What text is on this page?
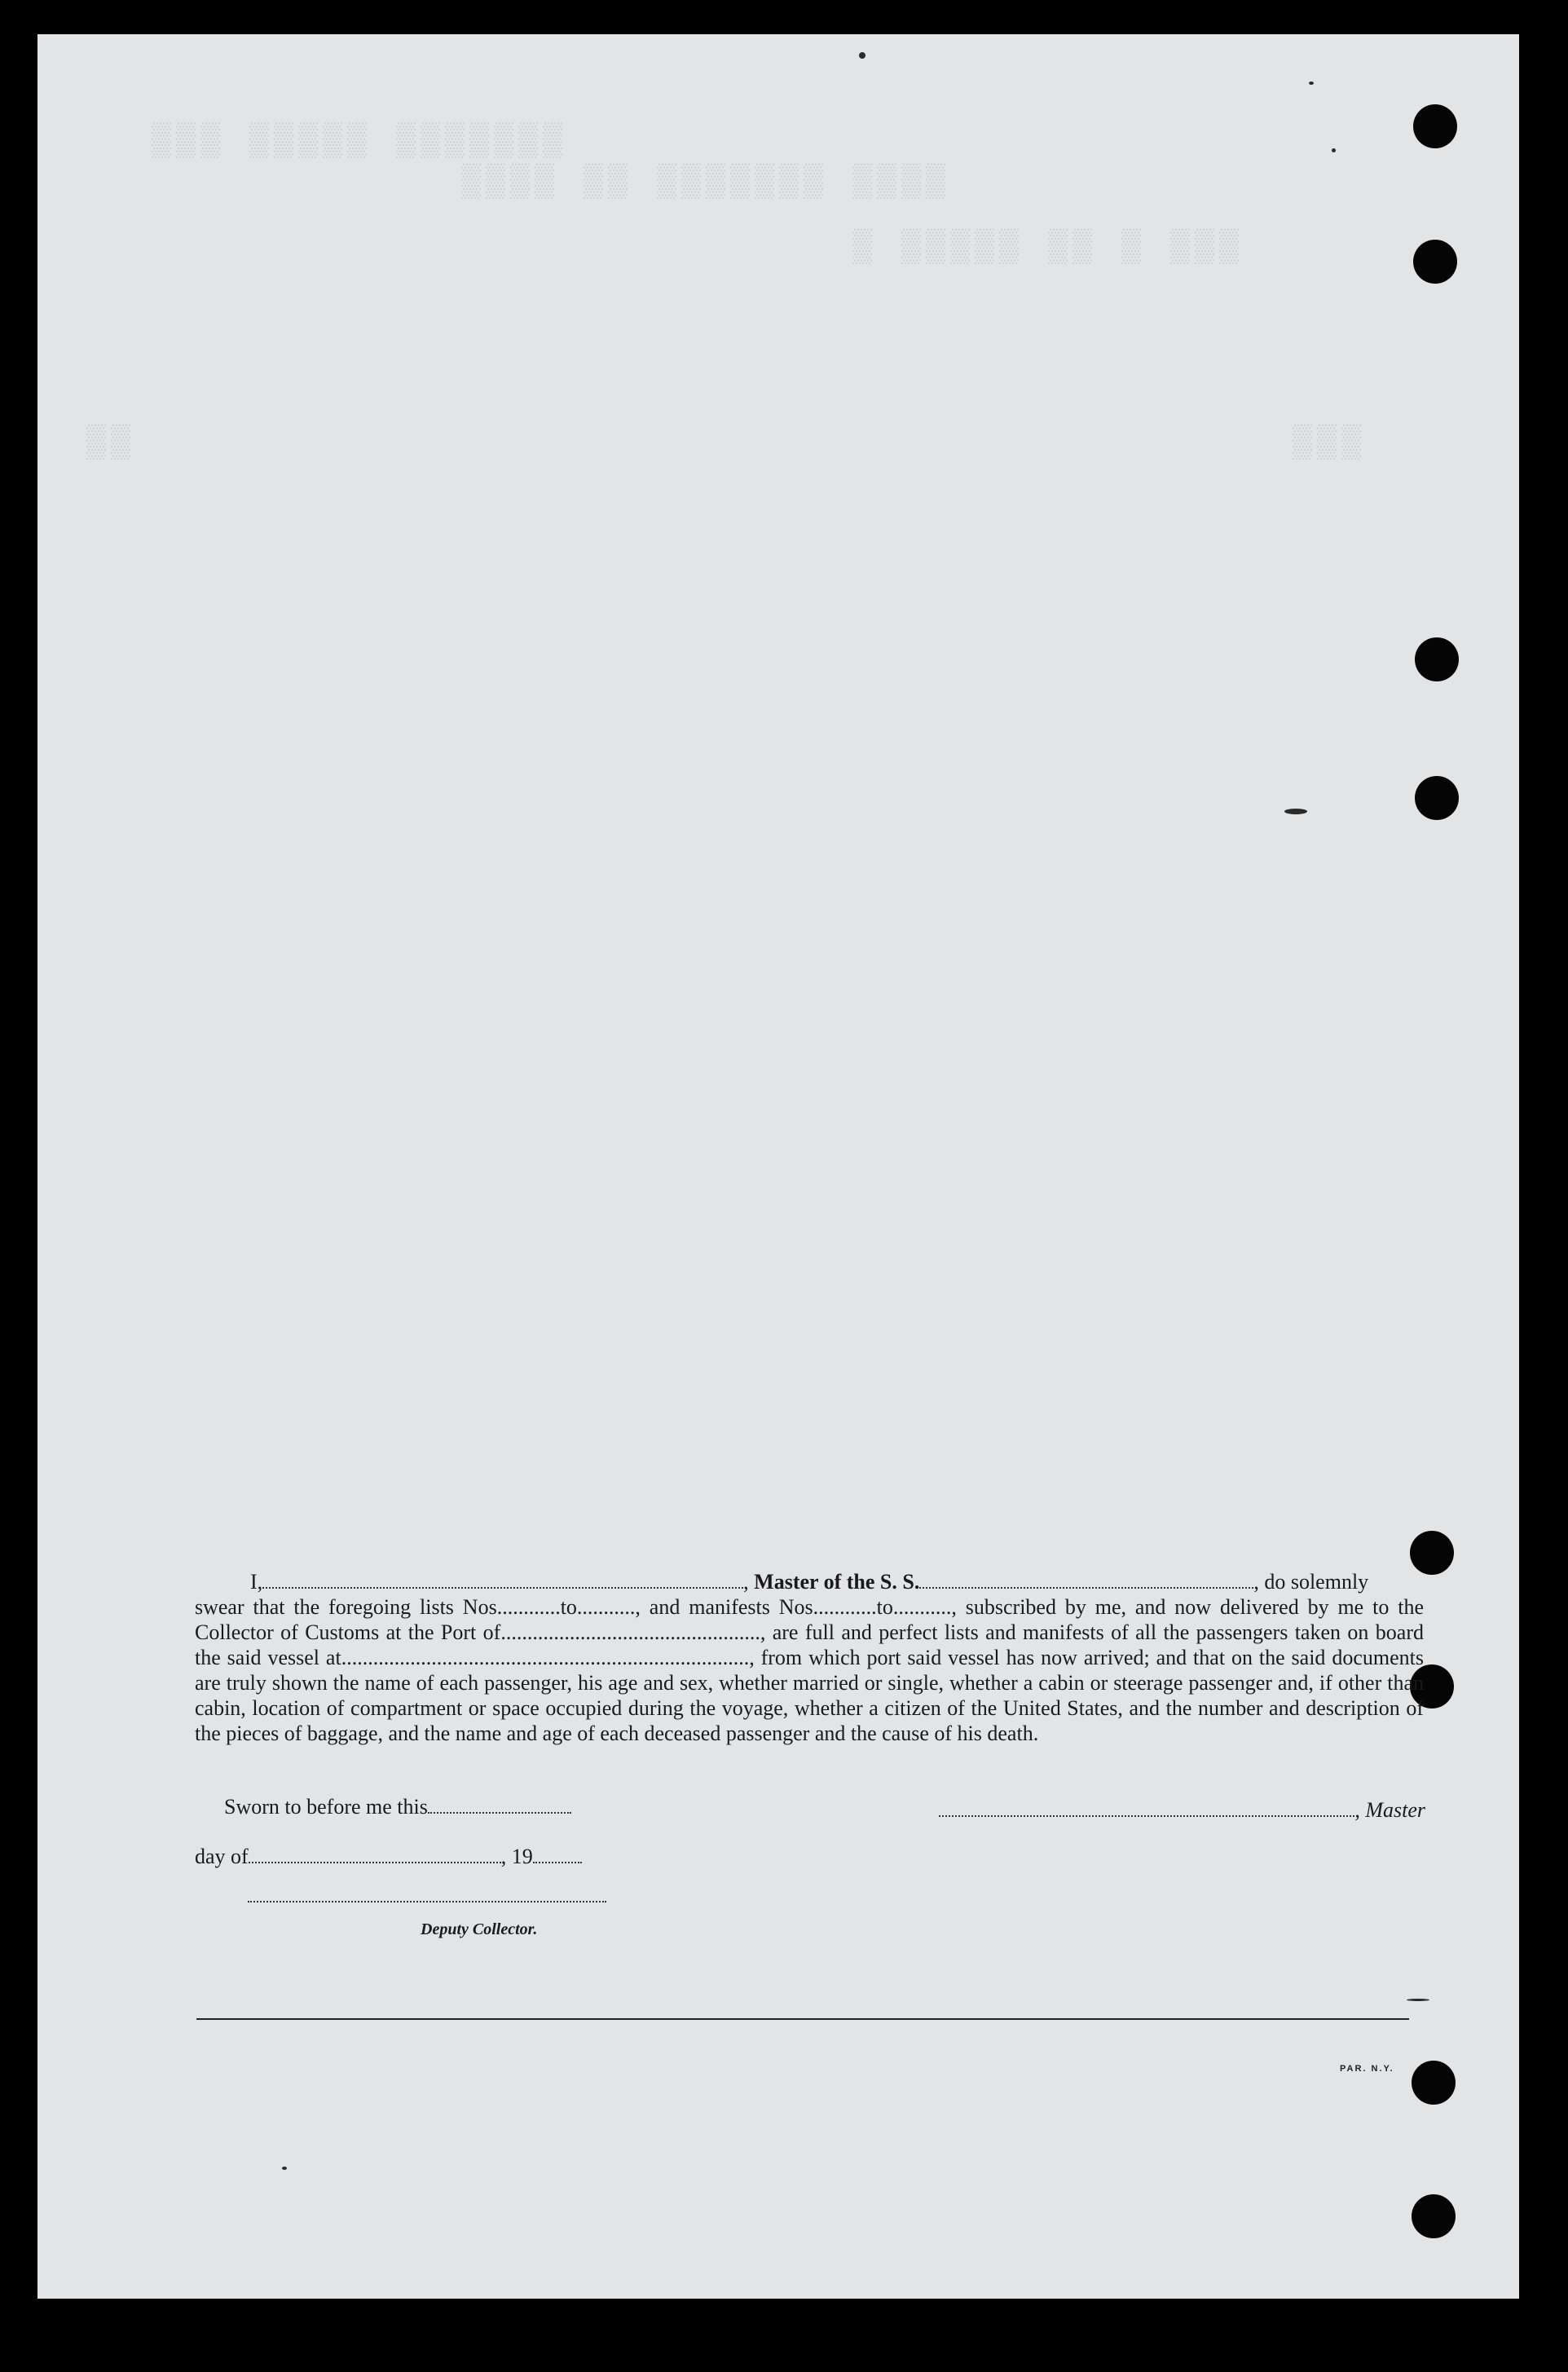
▒▒▒ ▒▒▒▒▒ ▒▒▒▒▒▒▒
▒▒▒▒ ▒▒ ▒▒▒▒▒▒▒ ▒▒▒▒
▒ ▒▒▒▒▒ ▒▒ ▒ ▒▒▒
▒▒	▒▒▒

I,	, Master of the S. S.	, do solemnly

swear that the foregoing lists Nos............to..........., and manifests Nos............to..........., subscribed by me, and now delivered by me to the Collector of Customs at the Port of................................................., are full and perfect lists and manifests of all the passengers taken on board the said vessel at............................................................................., from which port said vessel has now arrived; and that on the said documents are truly shown the name of each passenger, his age and sex, whether married or single, whether a cabin or steerage passenger and, if other than cabin, location of compartment or space occupied during the voyage, whether a citizen of the United States, and the number and description of the pieces of baggage, and the name and age of each deceased passenger and the cause of his death.
Sworn to before me this	, Master
day of	, 19
Deputy Collector.
PAR. N.Y.
